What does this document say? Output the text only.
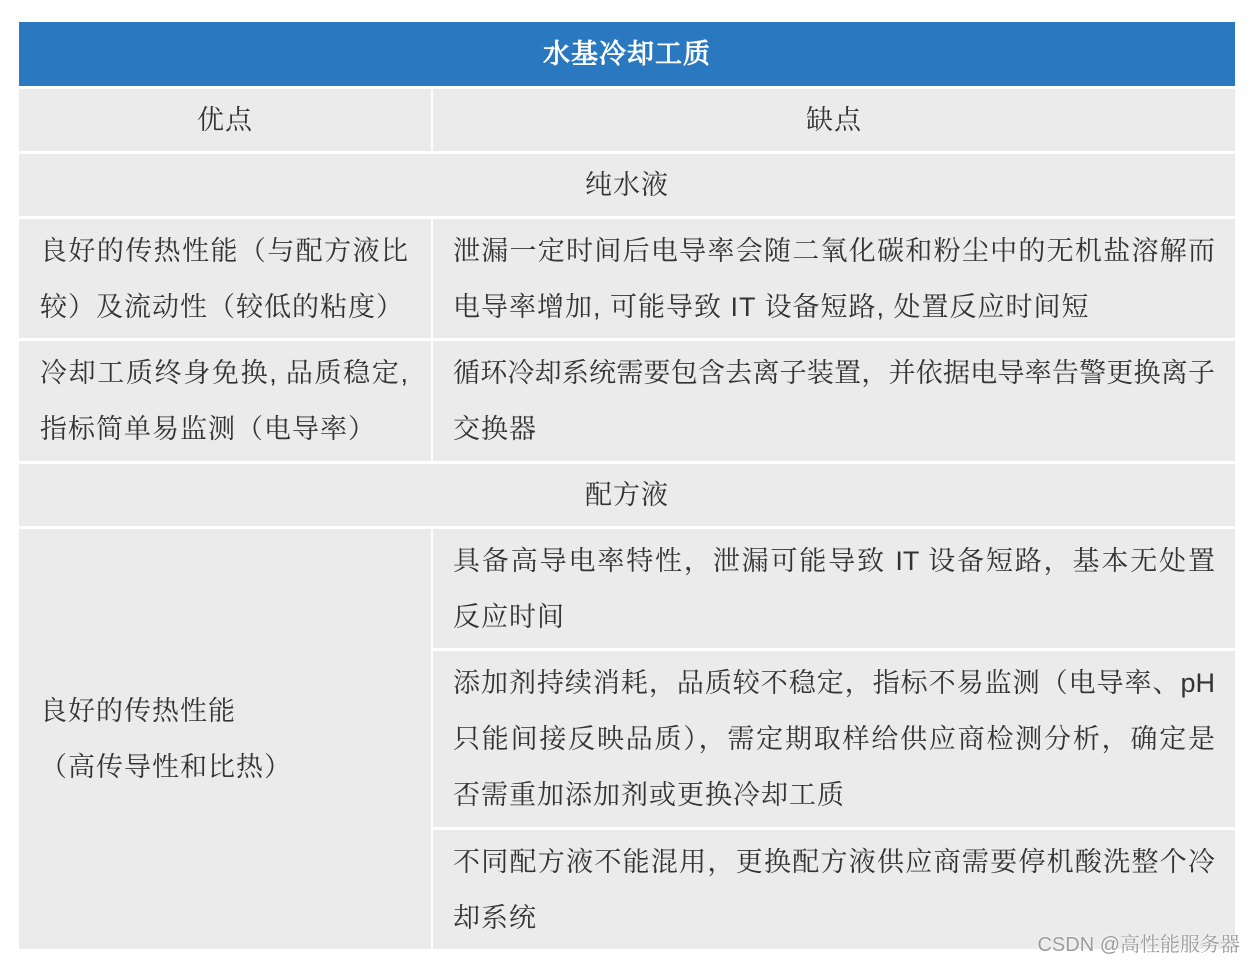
水基冷却工质
优点	缺点
纯水液
良好的传热性能（与配方液比
较）及流动性（较低的粘度）
泄漏一定时间后电导率会随二氧化碳和粉尘中的无机盐溶解而
电导率增加, 可能导致 IT 设备短路, 处置反应时间短
冷却工质终身免换, 品质稳定,
指标简单易监测（电导率）
循环冷却系统需要包含去离子装置，并依据电导率告警更换离子
交换器
配方液
良好的传热性能
（高传导性和比热）
具备高导电率特性，泄漏可能导致 IT 设备短路，基本无处置
反应时间
添加剂持续消耗，品质较不稳定，指标不易监测（电导率、pH
只能间接反映品质），需定期取样给供应商检测分析，确定是
否需重加添加剂或更换冷却工质
不同配方液不能混用，更换配方液供应商需要停机酸洗整个冷
却系统
CSDN @高性能服务器
